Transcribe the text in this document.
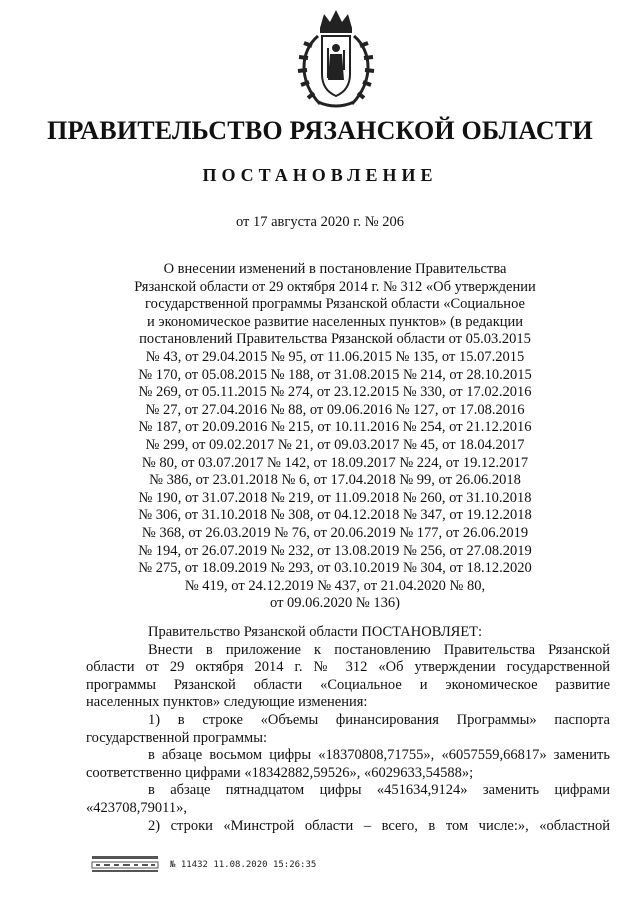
ПРАВИТЕЛЬСТВО РЯЗАНСКОЙ ОБЛАСТИ
ПОСТАНОВЛЕНИЕ
от 17 августа 2020 г. № 206
О внесении изменений в постановление Правительства
Рязанской области от 29 октября 2014 г. № 312 «Об утверждении
государственной программы Рязанской области «Социальное
и экономическое развитие населенных пунктов» (в редакции
постановлений Правительства Рязанской области от 05.03.2015
№ 43, от 29.04.2015 № 95, от 11.06.2015 № 135, от 15.07.2015
№ 170, от 05.08.2015 № 188, от 31.08.2015 № 214, от 28.10.2015
№ 269, от 05.11.2015 № 274, от 23.12.2015 № 330, от 17.02.2016
№ 27, от 27.04.2016 № 88, от 09.06.2016 № 127, от 17.08.2016
№ 187, от 20.09.2016 № 215, от 10.11.2016 № 254, от 21.12.2016
№ 299, от 09.02.2017 № 21, от 09.03.2017 № 45, от 18.04.2017
№ 80, от 03.07.2017 № 142, от 18.09.2017 № 224, от 19.12.2017
№ 386, от 23.01.2018 № 6, от 17.04.2018 № 99, от 26.06.2018
№ 190, от 31.07.2018 № 219, от 11.09.2018 № 260, от 31.10.2018
№ 306, от 31.10.2018 № 308, от 04.12.2018 № 347, от 19.12.2018
№ 368, от 26.03.2019 № 76, от 20.06.2019 № 177, от 26.06.2019
№ 194, от 26.07.2019 № 232, от 13.08.2019 № 256, от 27.08.2019
№ 275, от 18.09.2019 № 293, от 03.10.2019 № 304, от 18.12.2020
№ 419, от 24.12.2019 № 437, от 21.04.2020 № 80,
от 09.06.2020 № 136)
Правительство Рязанской области ПОСТАНОВЛЯЕТ:
Внести в приложение к постановлению Правительства Рязанской
области от 29 октября 2014 г. № 312 «Об утверждении государственной
программы Рязанской области «Социальное и экономическое развитие
населенных пунктов» следующие изменения:
1) в строке «Объемы финансирования Программы» паспорта
государственной программы:
в абзаце восьмом цифры «18370808,71755», «6057559,66817» заменить
соответственно цифрами «18342882,59526», «6029633,54588»;
в абзаце пятнадцатом цифры «451634,9124» заменить цифрами
«423708,79011»,
2) строки «Минстрой области – всего, в том числе:», «областной
№ 11432 11.08.2020 15:26:35
